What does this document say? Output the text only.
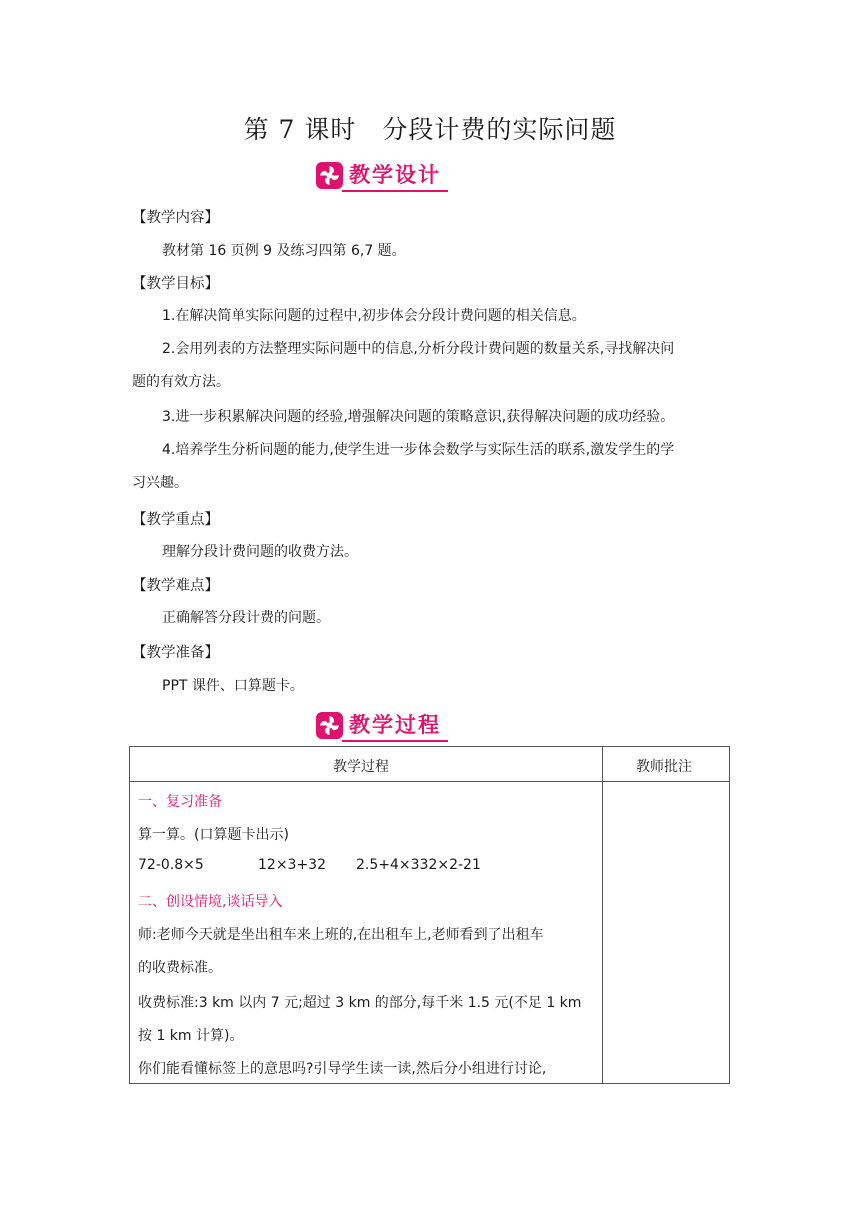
第 7 课时 分段计费的实际问题
教学设计
【教学内容】
教材第 16 页例 9 及练习四第 6,7 题。
【教学目标】
1.在解决简单实际问题的过程中,初步体会分段计费问题的相关信息。
2.会用列表的方法整理实际问题中的信息,分析分段计费问题的数量关系,寻找解决问
题的有效方法。
3.进一步积累解决问题的经验,增强解决问题的策略意识,获得解决问题的成功经验。
4.培养学生分析问题的能力,使学生进一步体会数学与实际生活的联系,激发学生的学
习兴趣。
【教学重点】
理解分段计费问题的收费方法。
【教学难点】
正确解答分段计费的问题。
【教学准备】
PPT 课件、口算题卡。
教学过程
教学过程	教师批注
一、复习准备
算一算。(口算题卡出示)
72-0.8×5	12×3+32 2.5+4×332×2-21
二、创设情境,谈话导入
师:老师今天就是坐出租车来上班的,在出租车上,老师看到了出租车
的收费标准。
收费标准:3 km 以内 7 元;超过 3 km 的部分,每千米 1.5 元(不足 1 km
按 1 km 计算)。
你们能看懂标签上的意思吗?引导学生读一读,然后分小组进行讨论,
